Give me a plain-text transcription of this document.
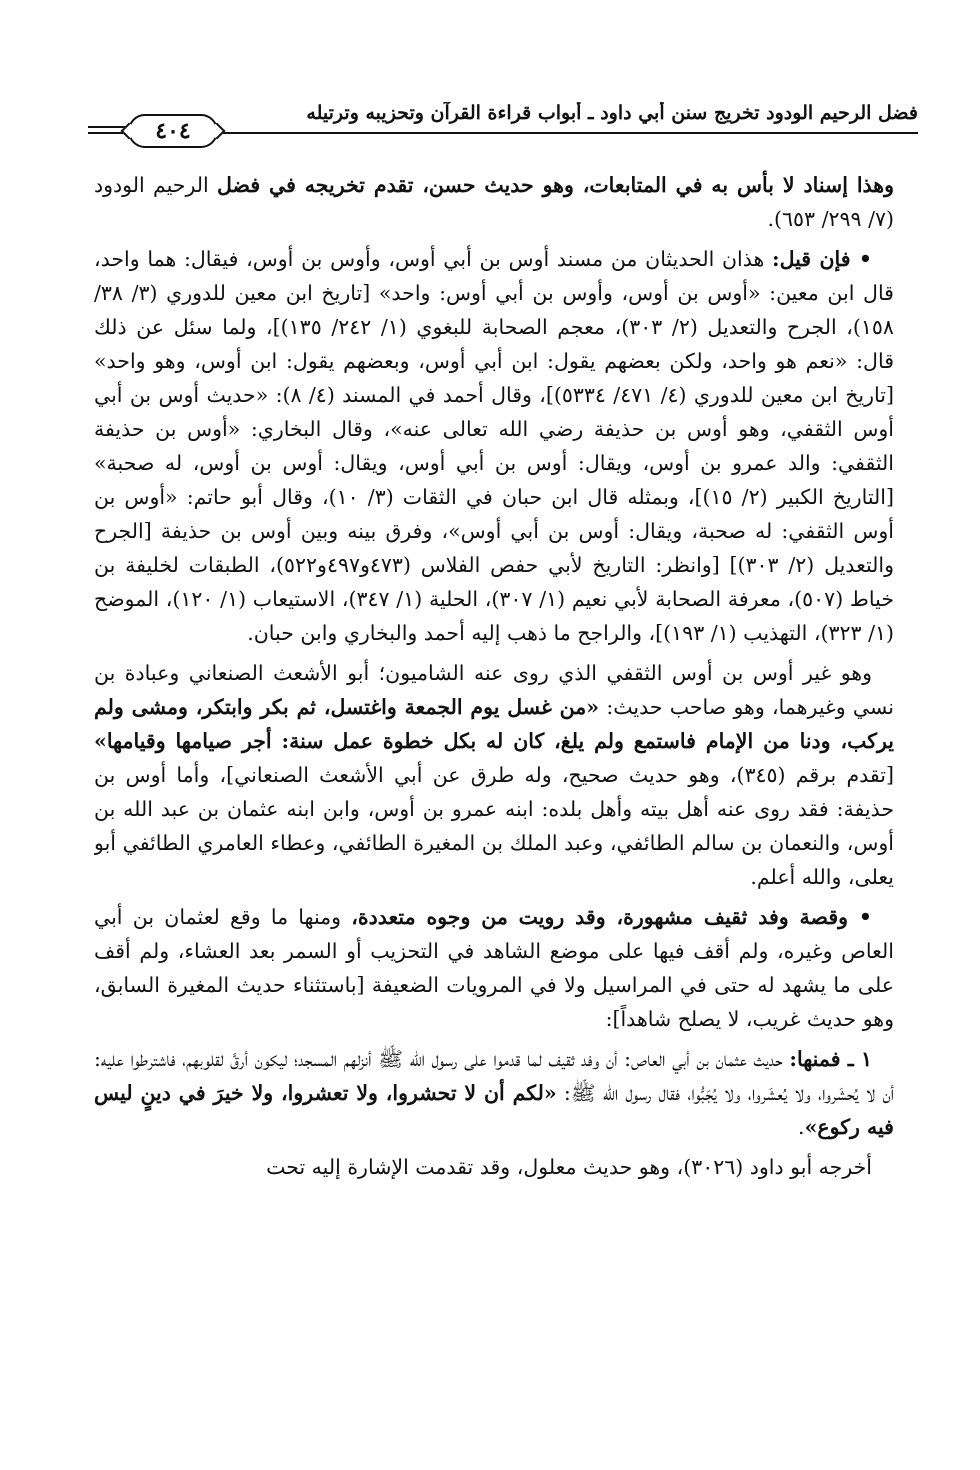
فضل الرحيم الودود تخريج سنن أبي داود ـ أبواب قراءة القرآن وتحزيبه وترتيله
٤٠٤

وهذا إسناد لا بأس به في المتابعات، وهو حديث حسن، تقدم تخريجه في فضل الرحيم الودود (٧/ ٢٩٩/ ٦٥٣).

• فإن قيل: هذان الحديثان من مسند أوس بن أبي أوس، وأوس بن أوس، فيقال: هما واحد، قال ابن معين: «أوس بن أوس، وأوس بن أبي أوس: واحد» [تاريخ ابن معين للدوري (٣/ ٣٨/ ١٥٨)، الجرح والتعديل (٢/ ٣٠٣)، معجم الصحابة للبغوي (١/ ٢٤٢/ ١٣٥)]، ولما سئل عن ذلك قال: «نعم هو واحد، ولكن بعضهم يقول: ابن أبي أوس، وبعضهم يقول: ابن أوس، وهو واحد» [تاريخ ابن معين للدوري (٤/ ٤٧١/ ٥٣٣٤)]، وقال أحمد في المسند (٤/ ٨): «حديث أوس بن أبي أوس الثقفي، وهو أوس بن حذيفة رضي الله تعالى عنه»، وقال البخاري: «أوس بن حذيفة الثقفي: والد عمرو بن أوس، ويقال: أوس بن أبي أوس، ويقال: أوس بن أوس، له صحبة» [التاريخ الكبير (٢/ ١٥)]، وبمثله قال ابن حبان في الثقات (٣/ ١٠)، وقال أبو حاتم: «أوس بن أوس الثقفي: له صحبة، ويقال: أوس بن أبي أوس»، وفرق بينه وبين أوس بن حذيفة [الجرح والتعديل (٢/ ٣٠٣)] [وانظر: التاريخ لأبي حفص الفلاس (٤٧٣و٤٩٧و٥٢٢)، الطبقات لخليفة بن خياط (٥٠٧)، معرفة الصحابة لأبي نعيم (١/ ٣٠٧)، الحلية (١/ ٣٤٧)، الاستيعاب (١/ ١٢٠)، الموضح (١/ ٣٢٣)، التهذيب (١/ ١٩٣)]، والراجح ما ذهب إليه أحمد والبخاري وابن حبان.

وهو غير أوس بن أوس الثقفي الذي روى عنه الشاميون؛ أبو الأشعث الصنعاني وعبادة بن نسي وغيرهما، وهو صاحب حديث: «من غسل يوم الجمعة واغتسل، ثم بكر وابتكر، ومشى ولم يركب، ودنا من الإمام فاستمع ولم يلغ، كان له بكل خطوة عمل سنة: أجر صيامها وقيامها» [تقدم برقم (٣٤٥)، وهو حديث صحيح، وله طرق عن أبي الأشعث الصنعاني]، وأما أوس بن حذيفة: فقد روى عنه أهل بيته وأهل بلده: ابنه عمرو بن أوس، وابن ابنه عثمان بن عبد الله بن أوس، والنعمان بن سالم الطائفي، وعبد الملك بن المغيرة الطائفي، وعطاء العامري الطائفي أبو يعلى، والله أعلم.

• وقصة وفد ثقيف مشهورة، وقد رويت من وجوه متعددة، ومنها ما وقع لعثمان بن أبي العاص وغيره، ولم أقف فيها على موضع الشاهد في التحزيب أو السمر بعد العشاء، ولم أقف على ما يشهد له حتى في المراسيل ولا في المرويات الضعيفة [باستثناء حديث المغيرة السابق، وهو حديث غريب، لا يصلح شاهداً]:

١ ـ فمنها: حديث عثمان بن أبي العاص: أن وفد ثقيف لما قدموا على رسول الله ﷺ أنزلهم المسجد؛ ليكون أرقَّ لقلوبهم، فاشترطوا عليه: أن لا يُحشَروا، ولا يُعشَروا، ولا يُجَبُّوا، فقال رسول الله ﷺ: «لكم أن لا تحشروا، ولا تعشروا، ولا خيرَ في دينٍ ليس فيه ركوع».

أخرجه أبو داود (٣٠٢٦)، وهو حديث معلول، وقد تقدمت الإشارة إليه تحت
